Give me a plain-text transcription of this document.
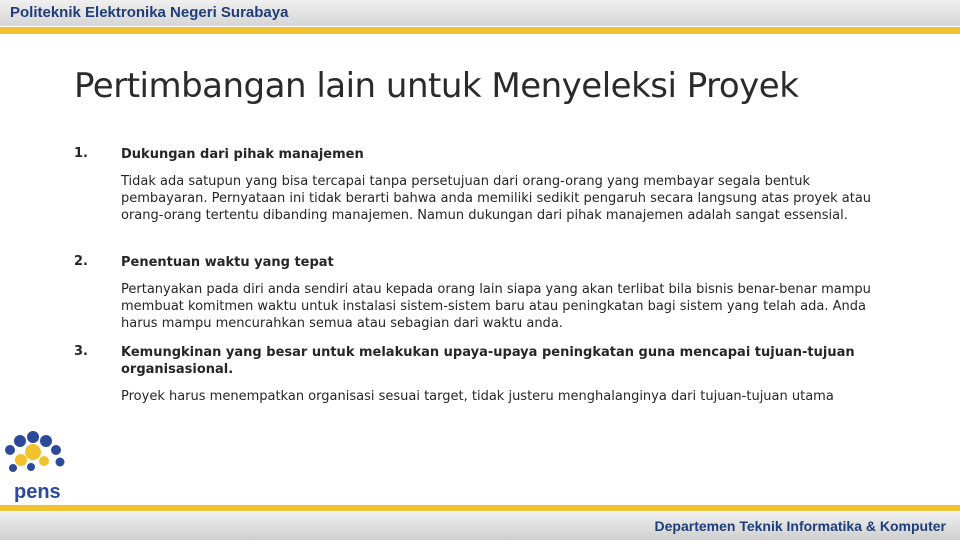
Politeknik Elektronika Negeri Surabaya
Pertimbangan lain untuk Menyeleksi Proyek
1.	Dukungan dari pihak manajemen
Tidak ada satupun yang bisa tercapai tanpa persetujuan dari orang-orang yang membayar segala bentuk pembayaran. Pernyataan ini tidak berarti bahwa anda memiliki sedikit pengaruh secara langsung atas proyek atau orang-orang tertentu dibanding manajemen. Namun dukungan dari pihak manajemen adalah sangat essensial.
2.	Penentuan waktu yang tepat
Pertanyakan pada diri anda sendiri atau kepada orang lain siapa yang akan terlibat bila bisnis benar-benar mampu membuat komitmen waktu untuk instalasi sistem-sistem baru atau peningkatan bagi sistem yang telah ada. Anda harus mampu mencurahkan semua atau sebagian dari waktu anda.
3.	Kemungkinan yang besar untuk melakukan upaya-upaya peningkatan guna mencapai tujuan-tujuan organisasional.
Proyek harus menempatkan organisasi sesuai target, tidak justeru menghalanginya dari tujuan-tujuan utama
pens
Departemen Teknik Informatika & Komputer
